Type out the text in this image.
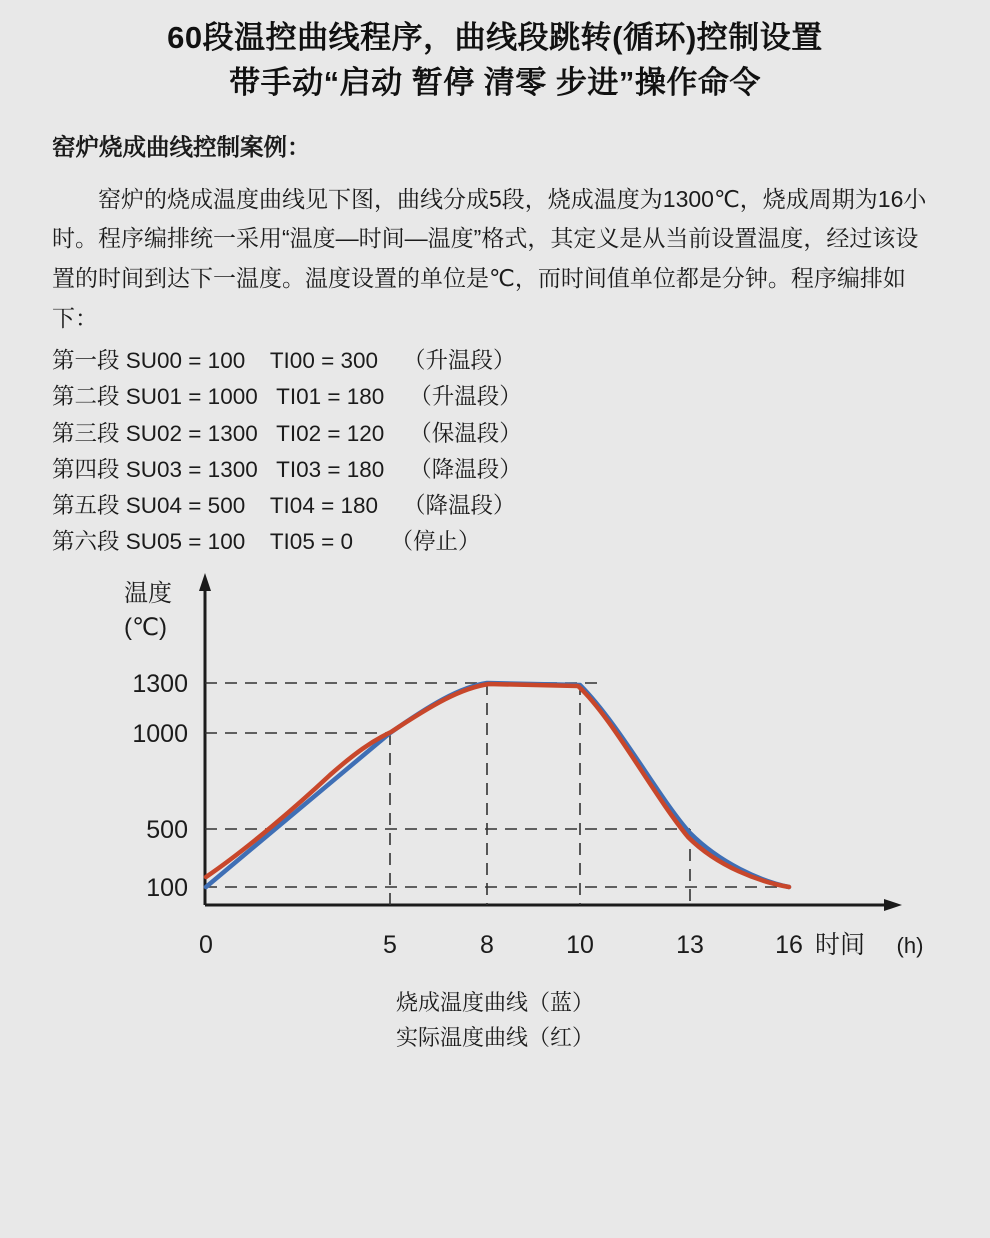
60段温控曲线程序，曲线段跳转(循环)控制设置
带手动“启动 暂停 清零 步进”操作命令
窑炉烧成曲线控制案例：
窑炉的烧成温度曲线见下图，曲线分成5段，烧成温度为1300℃，烧成周期为16小时。程序编排统一采用“温度—时间—温度”格式，其定义是从当前设置温度，经过该设置的时间到达下一温度。温度设置的单位是℃，而时间值单位都是分钟。程序编排如下：
第一段 SU00 = 100    TI00 = 300    （升温段）
第二段 SU01 = 1000   TI01 = 180    （升温段）
第三段 SU02 = 1300   TI02 = 120    （保温段）
第四段 SU03 = 1300   TI03 = 180    （降温段）
第五段 SU04 = 500    TI04 = 180    （降温段）
第六段 SU05 = 100    TI05 = 0      （停止）
1300
1000
500
100
温度
(℃)
0	5	8	10	13	16 时间 (h)
烧成温度曲线（蓝）
实际温度曲线（红）
